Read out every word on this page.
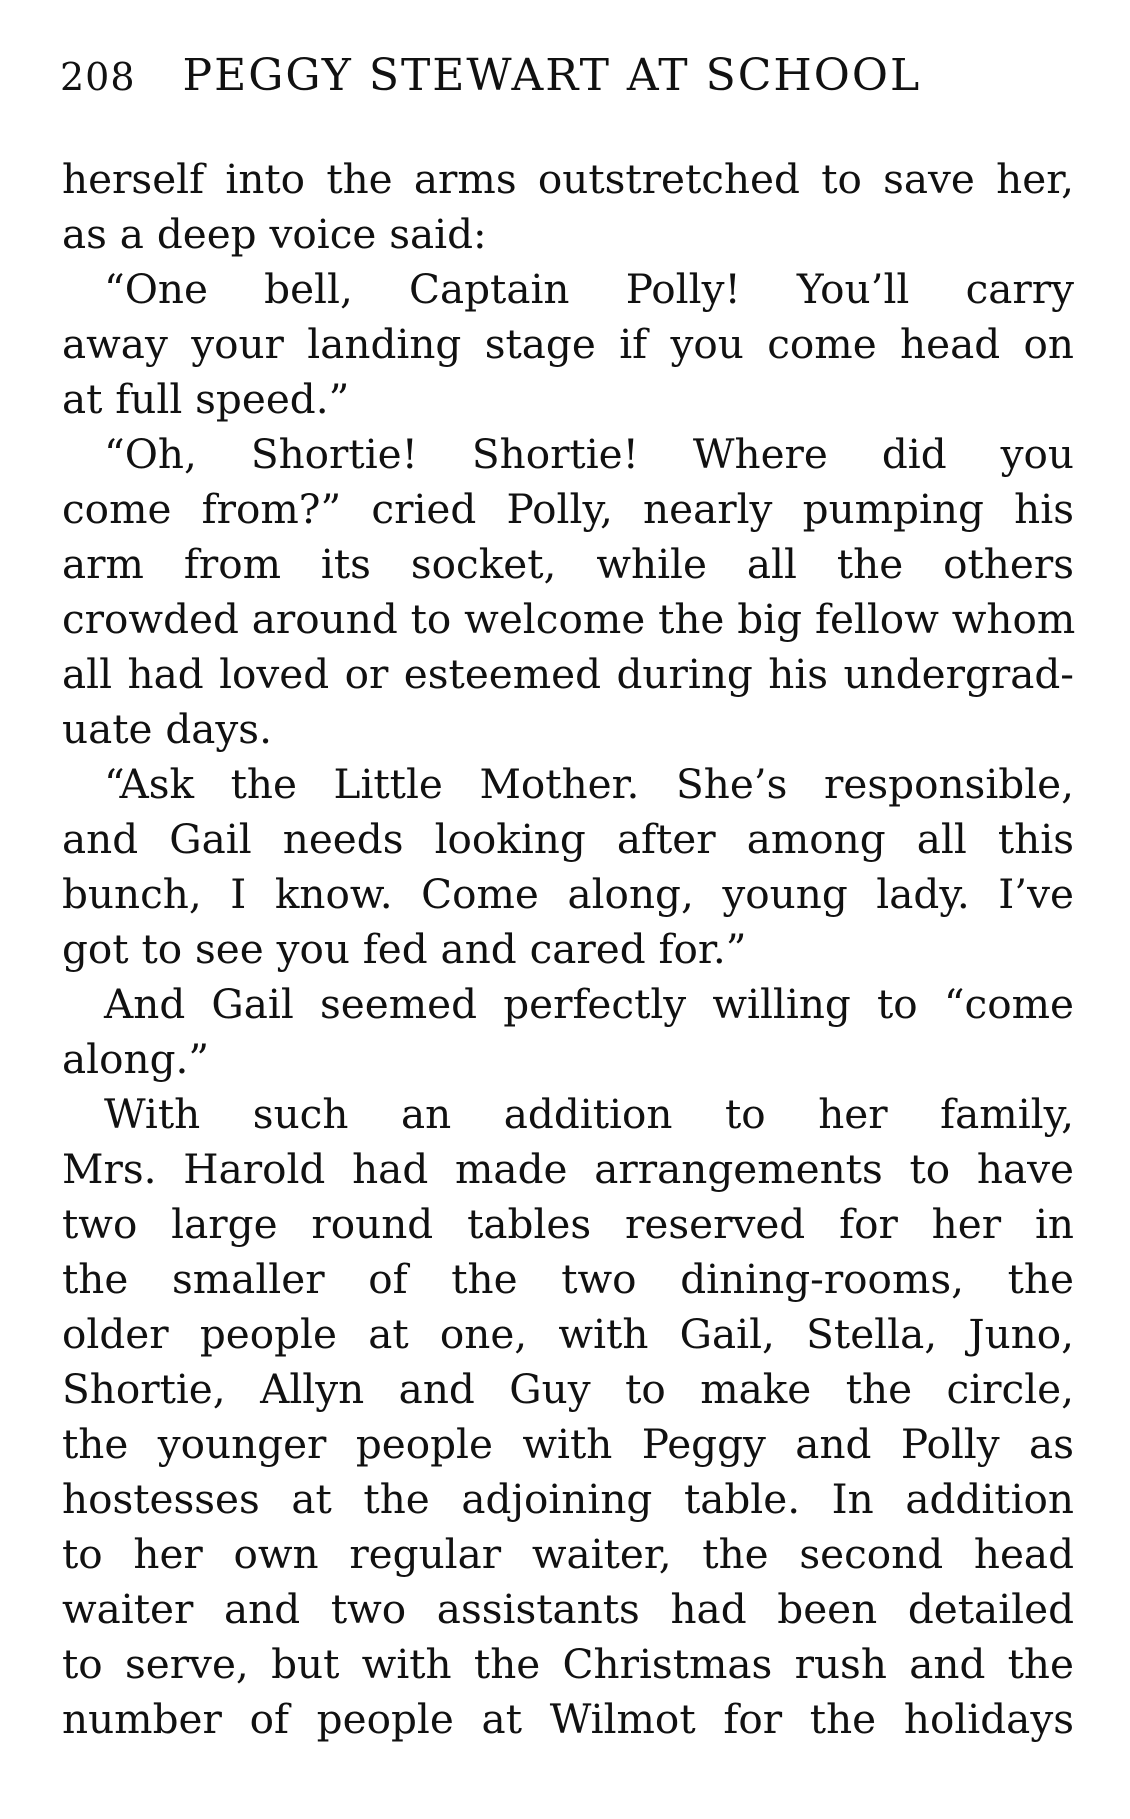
208 PEGGY STEWART AT SCHOOL
herself into the arms outstretched to save her,
as a deep voice said:
“One bell, Captain Polly! You’ll carry
away your landing stage if you come head on
at full speed.”
“Oh, Shortie! Shortie! Where did you
come from?” cried Polly, nearly pumping his
arm from its socket, while all the others
crowded around to welcome the big fellow whom
all had loved or esteemed during his undergrad-
uate days.
“Ask the Little Mother. She’s responsible,
and Gail needs looking after among all this
bunch, I know. Come along, young lady. I’ve
got to see you fed and cared for.”
And Gail seemed perfectly willing to “come
along.”
With such an addition to her family,
Mrs. Harold had made arrangements to have
two large round tables reserved for her in
the smaller of the two dining-rooms, the
older people at one, with Gail, Stella, Juno,
Shortie, Allyn and Guy to make the circle,
the younger people with Peggy and Polly as
hostesses at the adjoining table. In addition
to her own regular waiter, the second head
waiter and two assistants had been detailed
to serve, but with the Christmas rush and the
number of people at Wilmot for the holidays
